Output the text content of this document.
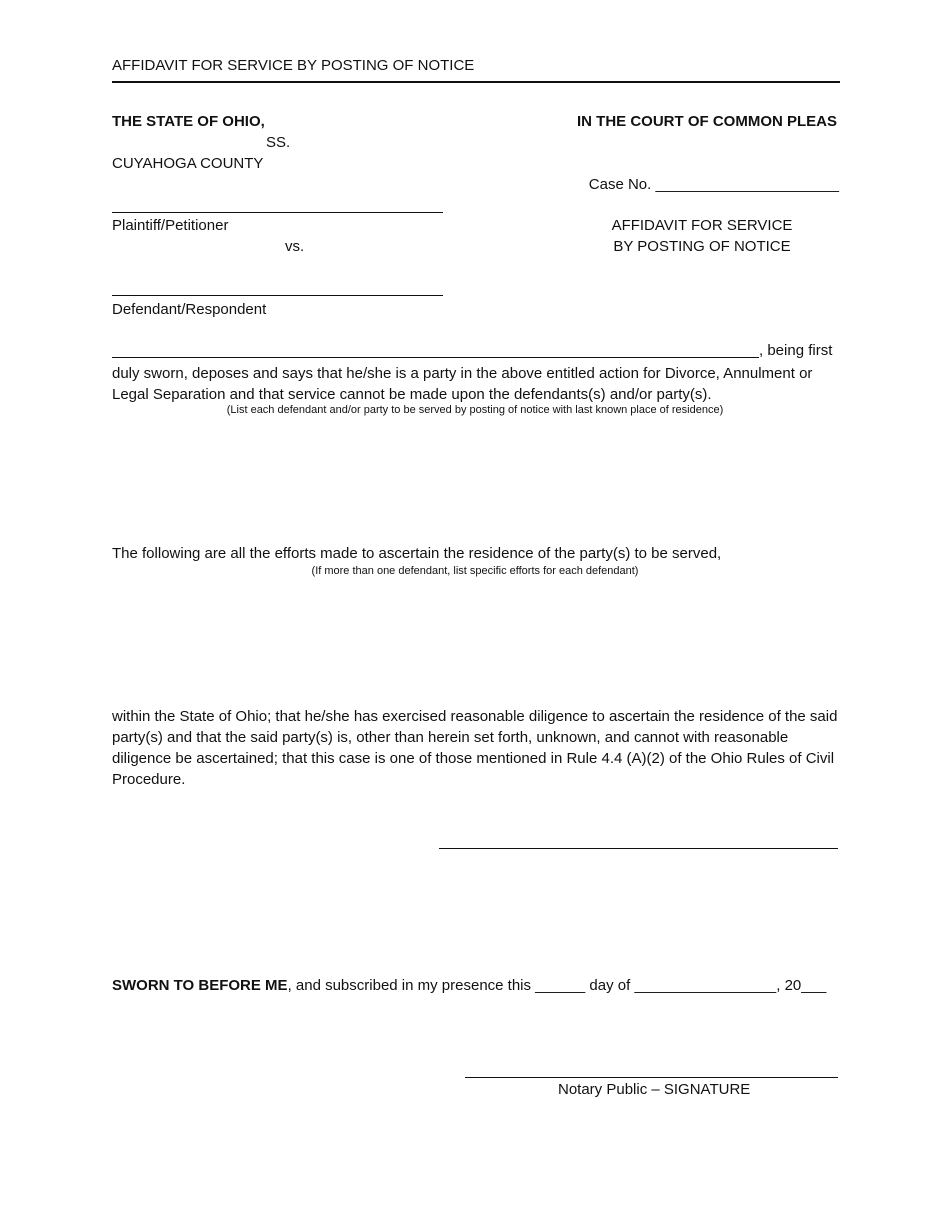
AFFIDAVIT FOR SERVICE BY POSTING OF NOTICE
THE STATE OF OHIO,
SS.
CUYAHOGA COUNTY
IN THE COURT OF COMMON PLEAS
Case No. ______________________
Plaintiff/Petitioner
vs.
Defendant/Respondent
AFFIDAVIT FOR SERVICE
BY POSTING OF NOTICE
, being first
duly sworn, deposes and says that he/she is a party in the above entitled action for Divorce, Annulment or Legal Separation and that service cannot be made upon the defendants(s) and/or party(s).
(List each defendant and/or party to be served by posting of notice with last known place of residence)
The following are all the efforts made to ascertain the residence of the party(s) to be served,
(If more than one defendant, list specific efforts for each defendant)
within the State of Ohio; that he/she has exercised reasonable diligence to ascertain the residence of the said party(s) and that the said party(s) is, other than herein set forth, unknown, and cannot with reasonable diligence be ascertained; that this case is one of those mentioned in Rule 4.4 (A)(2) of the Ohio Rules of Civil Procedure.
SWORN TO BEFORE ME, and subscribed in my presence this ______ day of _________________, 20___
Notary Public – SIGNATURE
